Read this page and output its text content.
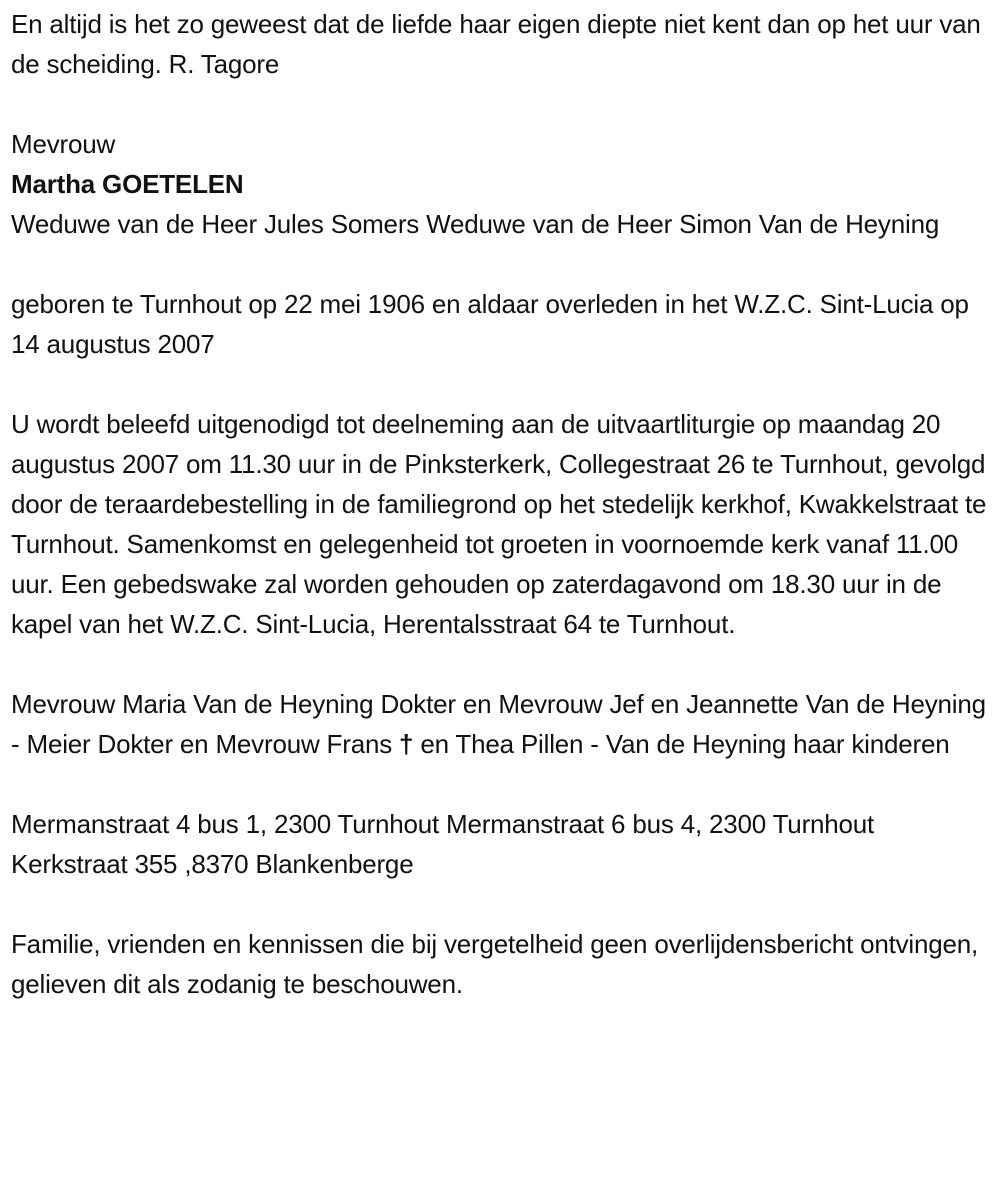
En altijd is het zo geweest dat de liefde haar eigen diepte niet kent dan op het uur van de scheiding. R. Tagore

Mevrouw

Martha GOETELEN

Weduwe van de Heer Jules Somers Weduwe van de Heer Simon Van de Heyning

geboren te Turnhout op 22 mei 1906 en aldaar overleden in het W.Z.C. Sint-Lucia op 14 augustus 2007

U wordt beleefd uitgenodigd tot deelneming aan de uitvaartliturgie op maandag 20 augustus 2007 om 11.30 uur in de Pinksterkerk, Collegestraat 26 te Turnhout, gevolgd door de teraardebestelling in de familiegrond op het stedelijk kerkhof, Kwakkelstraat te Turnhout. Samenkomst en gelegenheid tot groeten in voornoemde kerk vanaf 11.00 uur. Een gebedswake zal worden gehouden op zaterdagavond om 18.30 uur in de kapel van het W.Z.C. Sint-Lucia, Herentalsstraat 64 te Turnhout.

Mevrouw Maria Van de Heyning Dokter en Mevrouw Jef en Jeannette Van de Heyning - Meier Dokter en Mevrouw Frans † en Thea Pillen - Van de Heyning haar kinderen

Mermanstraat 4 bus 1, 2300 Turnhout Mermanstraat 6 bus 4, 2300 Turnhout Kerkstraat 355 ,8370 Blankenberge

Familie, vrienden en kennissen die bij vergetelheid geen overlijdensbericht ontvingen, gelieven dit als zodanig te beschouwen.
